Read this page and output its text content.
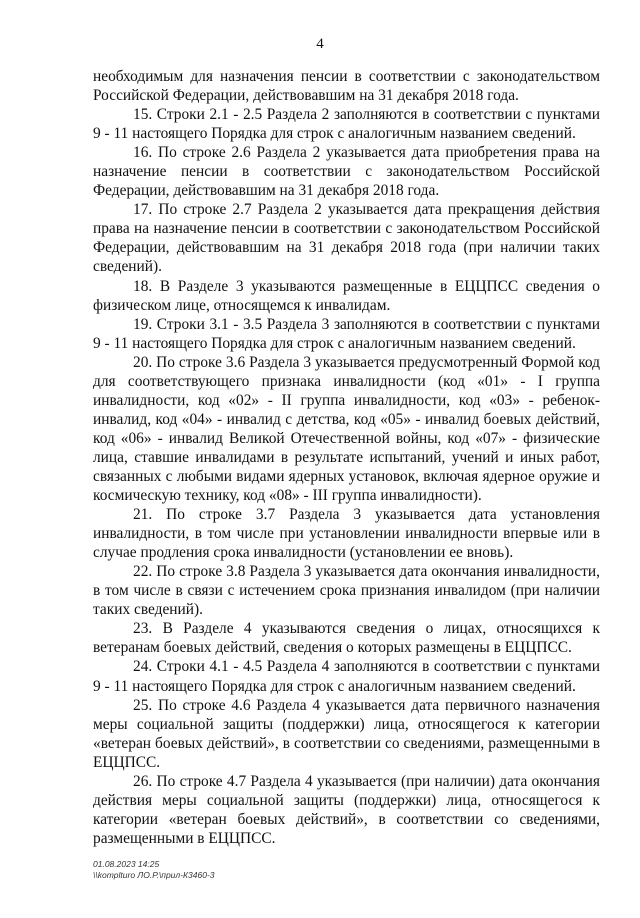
4

необходимым для назначения пенсии в соответствии с законодательством Российской Федерации, действовавшим на 31 декабря 2018 года.

15. Строки 2.1 - 2.5 Раздела 2 заполняются в соответствии с пунктами 9 - 11 настоящего Порядка для строк с аналогичным названием сведений.

16. По строке 2.6 Раздела 2 указывается дата приобретения права на назначение пенсии в соответствии с законодательством Российской Федерации, действовавшим на 31 декабря 2018 года.

17. По строке 2.7 Раздела 2 указывается дата прекращения действия права на назначение пенсии в соответствии с законодательством Российской Федерации, действовавшим на 31 декабря 2018 года (при наличии таких сведений).

18. В Разделе 3 указываются размещенные в ЕЦЦПСС сведения о физическом лице, относящемся к инвалидам.

19. Строки 3.1 - 3.5 Раздела 3 заполняются в соответствии с пунктами 9 - 11 настоящего Порядка для строк с аналогичным названием сведений.

20. По строке 3.6 Раздела 3 указывается предусмотренный Формой код для соответствующего признака инвалидности (код «01» - I группа инвалидности, код «02» - II группа инвалидности, код «03» - ребенок-инвалид, код «04» - инвалид с детства, код «05» - инвалид боевых действий, код «06» - инвалид Великой Отечественной войны, код «07» - физические лица, ставшие инвалидами в результате испытаний, учений и иных работ, связанных с любыми видами ядерных установок, включая ядерное оружие и космическую технику, код «08» - III группа инвалидности).

21. По строке 3.7 Раздела 3 указывается дата установления инвалидности, в том числе при установлении инвалидности впервые или в случае продления срока инвалидности (установлении ее вновь).

22. По строке 3.8 Раздела 3 указывается дата окончания инвалидности, в том числе в связи с истечением срока признания инвалидом (при наличии таких сведений).

23. В Разделе 4 указываются сведения о лицах, относящихся к ветеранам боевых действий, сведения о которых размещены в ЕЦЦПСС.

24. Строки 4.1 - 4.5 Раздела 4 заполняются в соответствии с пунктами 9 - 11 настоящего Порядка для строк с аналогичным названием сведений.

25. По строке 4.6 Раздела 4 указывается дата первичного назначения меры социальной защиты (поддержки) лица, относящегося к категории «ветеран боевых действий», в соответствии со сведениями, размещенными в ЕЦЦПСС.

26. По строке 4.7 Раздела 4 указывается (при наличии) дата окончания действия меры социальной защиты (поддержки) лица, относящегося к категории «ветеран боевых действий», в соответствии со сведениями, размещенными в ЕЦЦПСС.

01.08.2023 14:25
\\komplturo ЛО.Р.\прил-К3460-3
